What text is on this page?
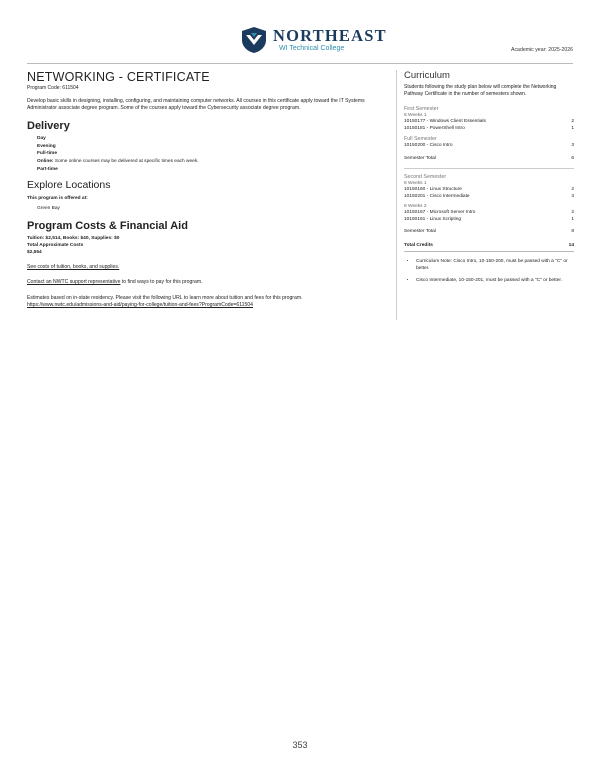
NORTHEAST
WI Technical College	Academic year: 2025-2026
NETWORKING - CERTIFICATE
Program Code: 611504

Develop basic skills in designing, installing, configuring, and maintaining computer networks. All courses in this certificate apply toward the IT Systems Administrator associate degree program. Some of the courses apply toward the Cybersecurity associate degree program.

Delivery
Day
Evening
Full-time
Online: Some online courses may be delivered at specific times each week.
Part-time
Explore Locations
This program is offered at:
Green Bay
Program Costs & Financial Aid
Tuition: $2,514, Books: $40, Supplies: $0
Total Approximate Costs
$2,554

See costs of tuition, books, and supplies.

Contact an NWTC support representative to find ways to pay for this program.

Estimates based on in-state residency. Please visit the following URL to learn more about tuition and fees for this program.

https://www.nwtc.edu/admissions-and-aid/paying-for-college/tuition-and-fees?ProgramCode=611504

Curriculum
Students following the study plan below will complete the Networking Pathway Certificate in the number of semesters shown.
First Semester
8 Weeks 1
10150177 - Windows Client Essentials	2
10150181 - PowerShell Intro	1
Full Semester
10150200 - Cisco Intro	3
Semester Total	6
Second Semester
8 Weeks 1
10150160 - Linux Structure	2
10150201 - Cisco Intermediate	3
8 Weeks 2
10150167 - Microsoft Server Intro	2
10150161 - Linux Scripting	1
Semester Total	8
Total Credits	14
• Curriculum Note: Cisco Intro, 10-150-200, must be passed with a "C" or better.
• Cisco Intermediate, 10-150-201, must be passed with a "C" or better.
353
